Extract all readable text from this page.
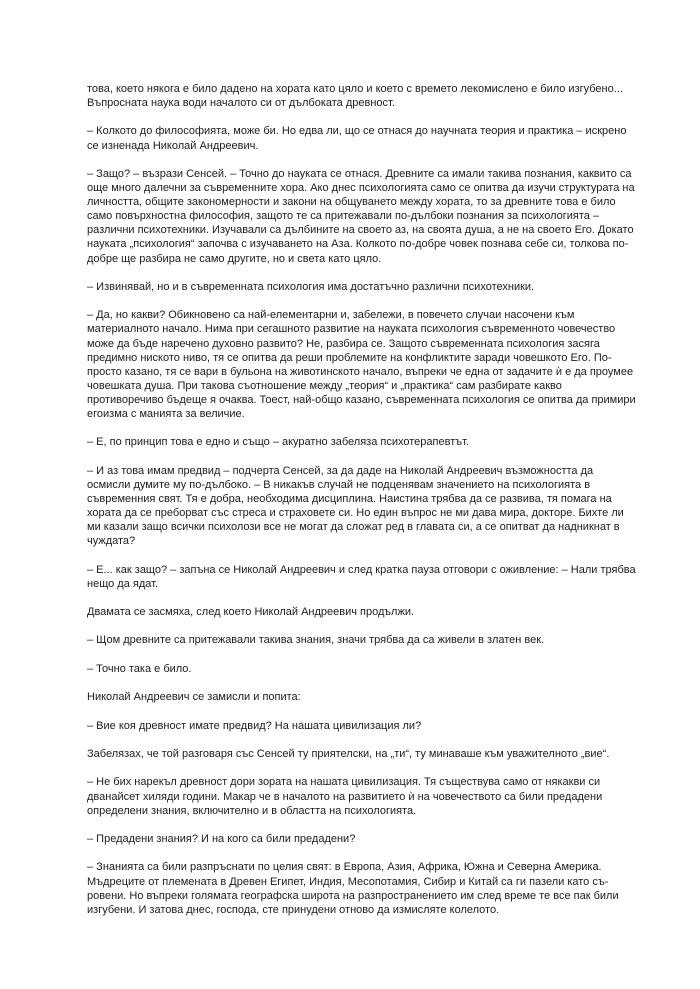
това, което някога е било дадено на хората като цяло и което с времето лекомислено е било изгубено...
Въпросната наука води началото си от дълбоката древност.

– Колкото до философията, може би. Но едва ли, що се отнася до научната теория и практика – искрено
се изненада Николай Андреевич.

– Защо? – възрази Сенсей. – Точно до науката се отнася. Древните са имали такива познания, каквито са
още много далечни за съвременните хора. Ако днес психологията само се опитва да изучи структурата на
личността, общите закономерности и закони на общуването между хората, то за древните това е било
само повърхностна философия, защото те са притежавали по-дълбоки познания за психологията –
различни психотехники. Изучавали са дълбините на своето аз, на своята душа, а не на своето Его. Докато
науката „психология“ започва с изучаването на Аза. Колкото по-добре човек познава себе си, толкова по-
добре ще разбира не само другите, но и света като цяло.

– Извинявай, но и в съвременната психология има достатъчно различни психотехники.

– Да, но какви? Обикновено са най-елементарни и, забележи, в повечето случаи насочени към
материалното начало. Нима при сегашното развитие на науката психология съвременното човечество
може да бъде наречено духовно развито? Не, разбира се. Защото съвременната психология засяга
предимно ниското ниво, тя се опитва да реши проблемите на конфликтите заради човешкото Его. По-
просто казано, тя се вари в бульона на животинското начало, въпреки че една от задачите ѝ е да проумее
човешката душа. При такова съотношение между „теория“ и „практика“ сам разбирате какво
противоречиво бъдеще я очаква. Тоест, най-общо казано, съвременната психология се опитва да примири
егоизма с манията за величие.

– Е, по принцип това е едно и също – акуратно забеляза психотерапевтът.

– И аз това имам предвид – подчерта Сенсей, за да даде на Николай Андреевич възможността да
осмисли думите му по-дълбоко. – В никакъв случай не подценявам значението на психологията в
съвременния свят. Тя е добра, необходима дисциплина. Наистина трябва да се развива, тя помага на
хората да се преборват със стреса и страховете си. Но един въпрос не ми дава мира, докторе. Бихте ли
ми казали защо всички психолози все не могат да сложат ред в главата си, а се опитват да надникнат в
чуждата?

– Е... как защо? – запъна се Николай Андреевич и след кратка пауза отговори с оживление: – Нали трябва
нещо да ядат.

Двамата се засмяха, след което Николай Андреевич продължи.

– Щом древните са притежавали такива знания, значи трябва да са живели в златен век.

– Точно така е било.

Николай Андреевич се замисли и попита:

– Вие коя древност имате предвид? На нашата цивилизация ли?

Забелязах, че той разговаря със Сенсей ту приятелски, на „ти“, ту минаваше към уважителното „вие“.

– Не бих нарекъл древност дори зората на нашата цивилизация. Тя съществува само от някакви си
дванайсет хиляди години. Макар че в началото на развитието ѝ на човечеството са били предадени
определени знания, включително и в областта на психологията.

– Предадени знания? И на кого са били предадени?

– Знанията са били разпръснати по целия свят: в Европа, Азия, Африка, Южна и Северна Америка.
Мъдреците от племената в Древен Египет, Индия, Месопотамия, Сибир и Китай са ги пазели като съ-
ровени. Но въпреки голямата географска широта на разпространението им след време те все пак били
изгубени. И затова днес, господа, сте принудени отново да измисляте колелото.
